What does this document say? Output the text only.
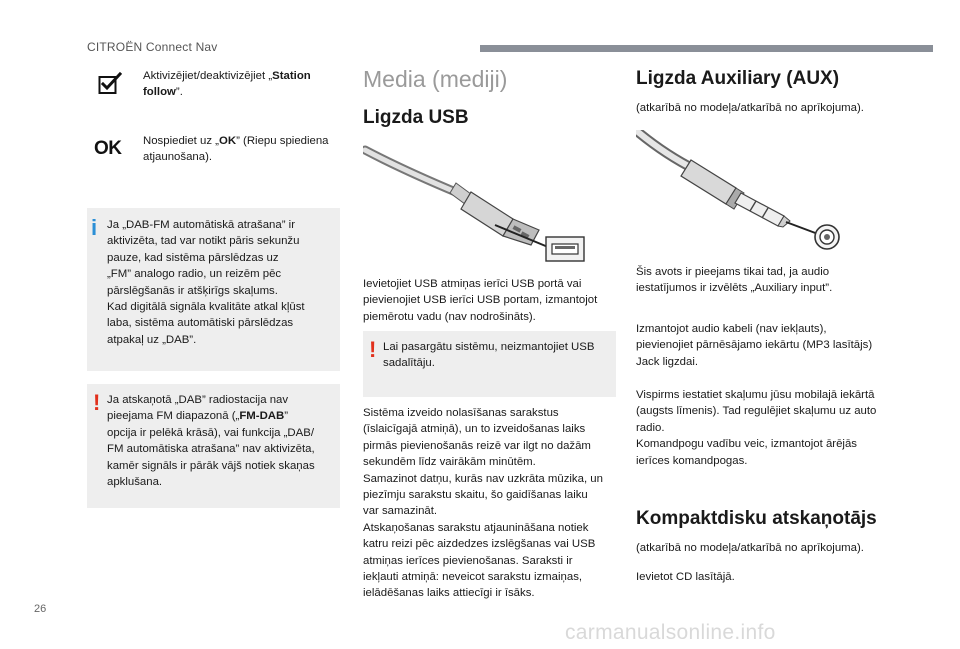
CITROËN Connect Nav
26
carmanualsonline.info
Aktivizējiet/deaktivizējiet „Station follow”.
OK Nospiediet uz „OK” (Riepu spiediena atjaunošana).
i Ja „DAB-FM automātiskā atrašana” ir
aktivizēta, tad var notikt pāris sekunžu
pauze, kad sistēma pārslēdzas uz
„FM” analogo radio, un reizēm pēc
pārslēgšanās ir atšķirīgs skaļums.
Kad digitālā signāla kvalitāte atkal kļūst
laba, sistēma automātiski pārslēdzas
atpakaļ uz „DAB”.
! Ja atskaņotā „DAB” radiostacija nav
pieejama FM diapazonā („FM-DAB”
opcija ir pelēkā krāsā), vai funkcija „DAB/
FM automātiska atrašana” nav aktivizēta,
kamēr signāls ir pārāk vājš notiek skaņas
apklušana.
Media (mediji)
Ligzda USB
Ievietojiet USB atmiņas ierīci USB portā vai
pievienojiet USB ierīci USB portam, izmantojot
piemērotu vadu (nav nodrošināts).
! Lai pasargātu sistēmu, neizmantojiet USB
sadalītāju.
Sistēma izveido nolasīšanas sarakstus
(īslaicīgajā atmiņā), un to izveidošanas laiks
pirmās pievienošanās reizē var ilgt no dažām
sekundēm līdz vairākām minūtēm.
Samazinot datņu, kurās nav uzkrāta mūzika, un
piezīmju sarakstu skaitu, šo gaidīšanas laiku
var samazināt.
Atskaņošanas sarakstu atjaunināšana notiek
katru reizi pēc aizdedzes izslēgšanas vai USB
atmiņas ierīces pievienošanas. Saraksti ir
iekļauti atmiņā: neveicot sarakstu izmaiņas,
ielādēšanas laiks attiecīgi ir īsāks.
Ligzda Auxiliary (AUX)
(atkarībā no modeļa/atkarībā no aprīkojuma).
Šis avots ir pieejams tikai tad, ja audio
iestatījumos ir izvēlēts „Auxiliary input”.
Izmantojot audio kabeli (nav iekļauts),
pievienojiet pārnēsājamo iekārtu (MP3 lasītājs)
Jack ligzdai.
Vispirms iestatiet skaļumu jūsu mobilajā iekārtā
(augsts līmenis). Tad regulējiet skaļumu uz auto
radio.
Komandpogu vadību veic, izmantojot ārējās
ierīces komandpogas.
Kompaktdisku atskaņotājs
(atkarībā no modeļa/atkarībā no aprīkojuma).
Ievietot CD lasītājā.
